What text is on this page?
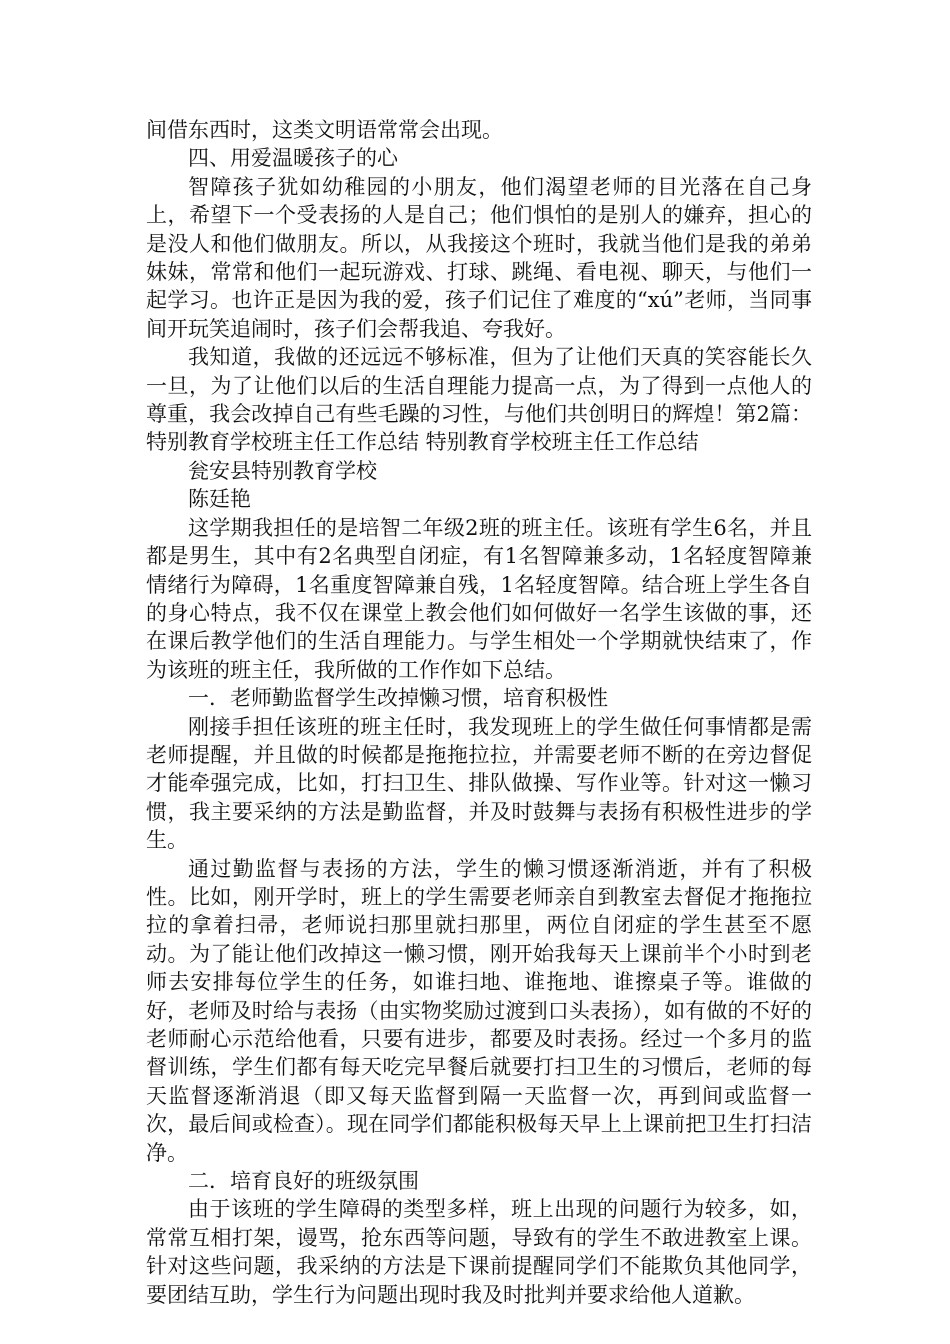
间借东西时，这类文明语常常会出现。

四、用爱温暖孩子的心

智障孩子犹如幼稚园的小朋友，他们渴望老师的目光落在自己身上，希望下一个受表扬的人是自己；他们惧怕的是别人的嫌弃，担心的是没人和他们做朋友。所以，从我接这个班时，我就当他们是我的弟弟妹妹，常常和他们一起玩游戏、打球、跳绳、看电视、聊天，与他们一起学习。也许正是因为我的爱，孩子们记住了难度的“xú”老师，当同事间开玩笑追闹时，孩子们会帮我追、夸我好。

我知道，我做的还远远不够标准，但为了让他们天真的笑容能长久一旦，为了让他们以后的生活自理能力提高一点，为了得到一点他人的尊重，我会改掉自己有些毛躁的习性，与他们共创明日的辉煌！第2篇：特别教育学校班主任工作总结 特别教育学校班主任工作总结

瓮安县特别教育学校

陈廷艳

这学期我担任的是培智二年级2班的班主任。该班有学生6名，并且都是男生，其中有2名典型自闭症，有1名智障兼多动，1名轻度智障兼情绪行为障碍，1名重度智障兼自残，1名轻度智障。结合班上学生各自的身心特点，我不仅在课堂上教会他们如何做好一名学生该做的事，还在课后教学他们的生活自理能力。与学生相处一个学期就快结束了，作为该班的班主任，我所做的工作作如下总结。

一．老师勤监督学生改掉懒习惯，培育积极性

刚接手担任该班的班主任时，我发现班上的学生做任何事情都是需老师提醒，并且做的时候都是拖拖拉拉，并需要老师不断的在旁边督促才能牵强完成，比如，打扫卫生、排队做操、写作业等。针对这一懒习惯，我主要采纳的方法是勤监督，并及时鼓舞与表扬有积极性进步的学生。

通过勤监督与表扬的方法，学生的懒习惯逐渐消逝，并有了积极性。比如，刚开学时，班上的学生需要老师亲自到教室去督促才拖拖拉拉的拿着扫帚，老师说扫那里就扫那里，两位自闭症的学生甚至不愿动。为了能让他们改掉这一懒习惯，刚开始我每天上课前半个小时到老师去安排每位学生的任务，如谁扫地、谁拖地、谁擦桌子等。谁做的好，老师及时给与表扬（由实物奖励过渡到口头表扬），如有做的不好的老师耐心示范给他看，只要有进步，都要及时表扬。经过一个多月的监督训练，学生们都有每天吃完早餐后就要打扫卫生的习惯后，老师的每天监督逐渐消退（即又每天监督到隔一天监督一次，再到间或监督一次，最后间或检查）。现在同学们都能积极每天早上上课前把卫生打扫洁净。

二．培育良好的班级氛围

由于该班的学生障碍的类型多样，班上出现的问题行为较多，如，常常互相打架，谩骂，抢东西等问题，导致有的学生不敢进教室上课。针对这些问题，我采纳的方法是下课前提醒同学们不能欺负其他同学，要团结互助，学生行为问题出现时我及时批判并要求给他人道歉。
